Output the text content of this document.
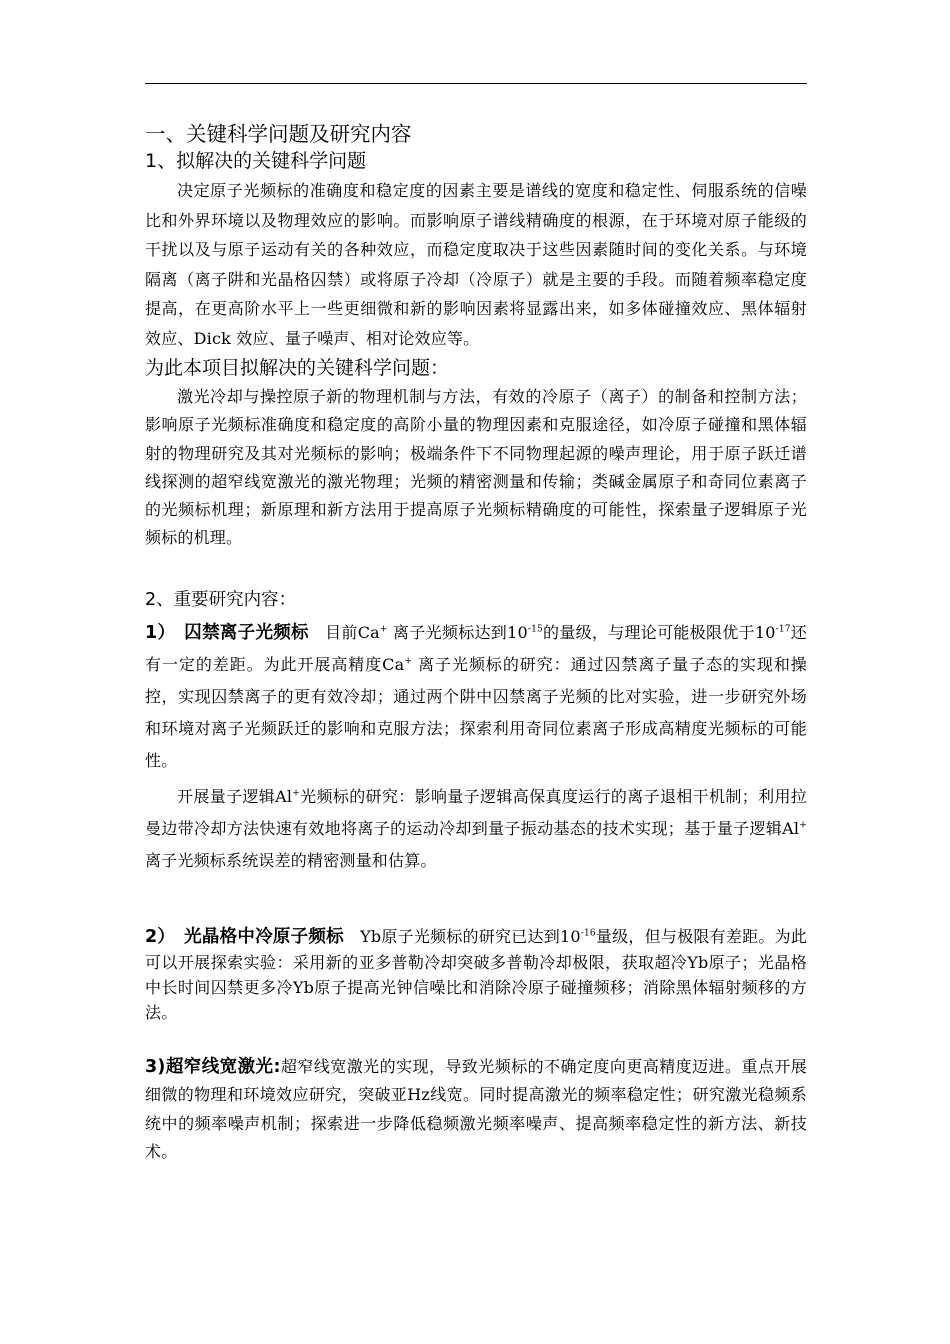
一、关键科学问题及研究内容
1、拟解决的关键科学问题

决定原子光频标的准确度和稳定度的因素主要是谱线的宽度和稳定性、伺服系统的信噪比和外界环境以及物理效应的影响。而影响原子谱线精确度的根源，在于环境对原子能级的干扰以及与原子运动有关的各种效应，而稳定度取决于这些因素随时间的变化关系。与环境隔离（离子阱和光晶格囚禁）或将原子冷却（冷原子）就是主要的手段。而随着频率稳定度提高，在更高阶水平上一些更细微和新的影响因素将显露出来，如多体碰撞效应、黑体辐射效应、Dick 效应、量子噪声、相对论效应等。

为此本项目拟解决的关键科学问题：

激光冷却与操控原子新的物理机制与方法，有效的冷原子（离子）的制备和控制方法；影响原子光频标准确度和稳定度的高阶小量的物理因素和克服途径，如冷原子碰撞和黑体辐射的物理研究及其对光频标的影响；极端条件下不同物理起源的噪声理论，用于原子跃迁谱线探测的超窄线宽激光的激光物理；光频的精密测量和传输；类碱金属原子和奇同位素离子的光频标机理；新原理和新方法用于提高原子光频标精确度的可能性，探索量子逻辑原子光频标的机理。

2、重要研究内容：

1）　囚禁离子光频标　目前Ca+ 离子光频标达到$10^{-15}$的量级，与理论可能极限优于$10^{-17}$还有一定的差距。为此开展高精度Ca+ 离子光频标的研究：通过囚禁离子量子态的实现和操控，实现囚禁离子的更有效冷却；通过两个阱中囚禁离子光频的比对实验，进一步研究外场和环境对离子光频跃迁的影响和克服方法；探索利用奇同位素离子形成高精度光频标的可能性。

开展量子逻辑Al+光频标的研究：影响量子逻辑高保真度运行的离子退相干机制；利用拉曼边带冷却方法快速有效地将离子的运动冷却到量子振动基态的技术实现；基于量子逻辑Al+ 离子光频标系统误差的精密测量和估算。

2）　光晶格中冷原子频标　Yb原子光频标的研究已达到$10^{-16}$量级，但与极限有差距。为此可以开展探索实验：采用新的亚多普勒冷却突破多普勒冷却极限，获取超冷Yb原子；光晶格中长时间囚禁更多冷Yb原子提高光钟信噪比和消除冷原子碰撞频移；消除黑体辐射频移的方法。

3)超窄线宽激光:超窄线宽激光的实现，导致光频标的不确定度向更高精度迈进。重点开展细微的物理和环境效应研究，突破亚Hz线宽。同时提高激光的频率稳定性；研究激光稳频系统中的频率噪声机制；探索进一步降低稳频激光频率噪声、提高频率稳定性的新方法、新技术。
